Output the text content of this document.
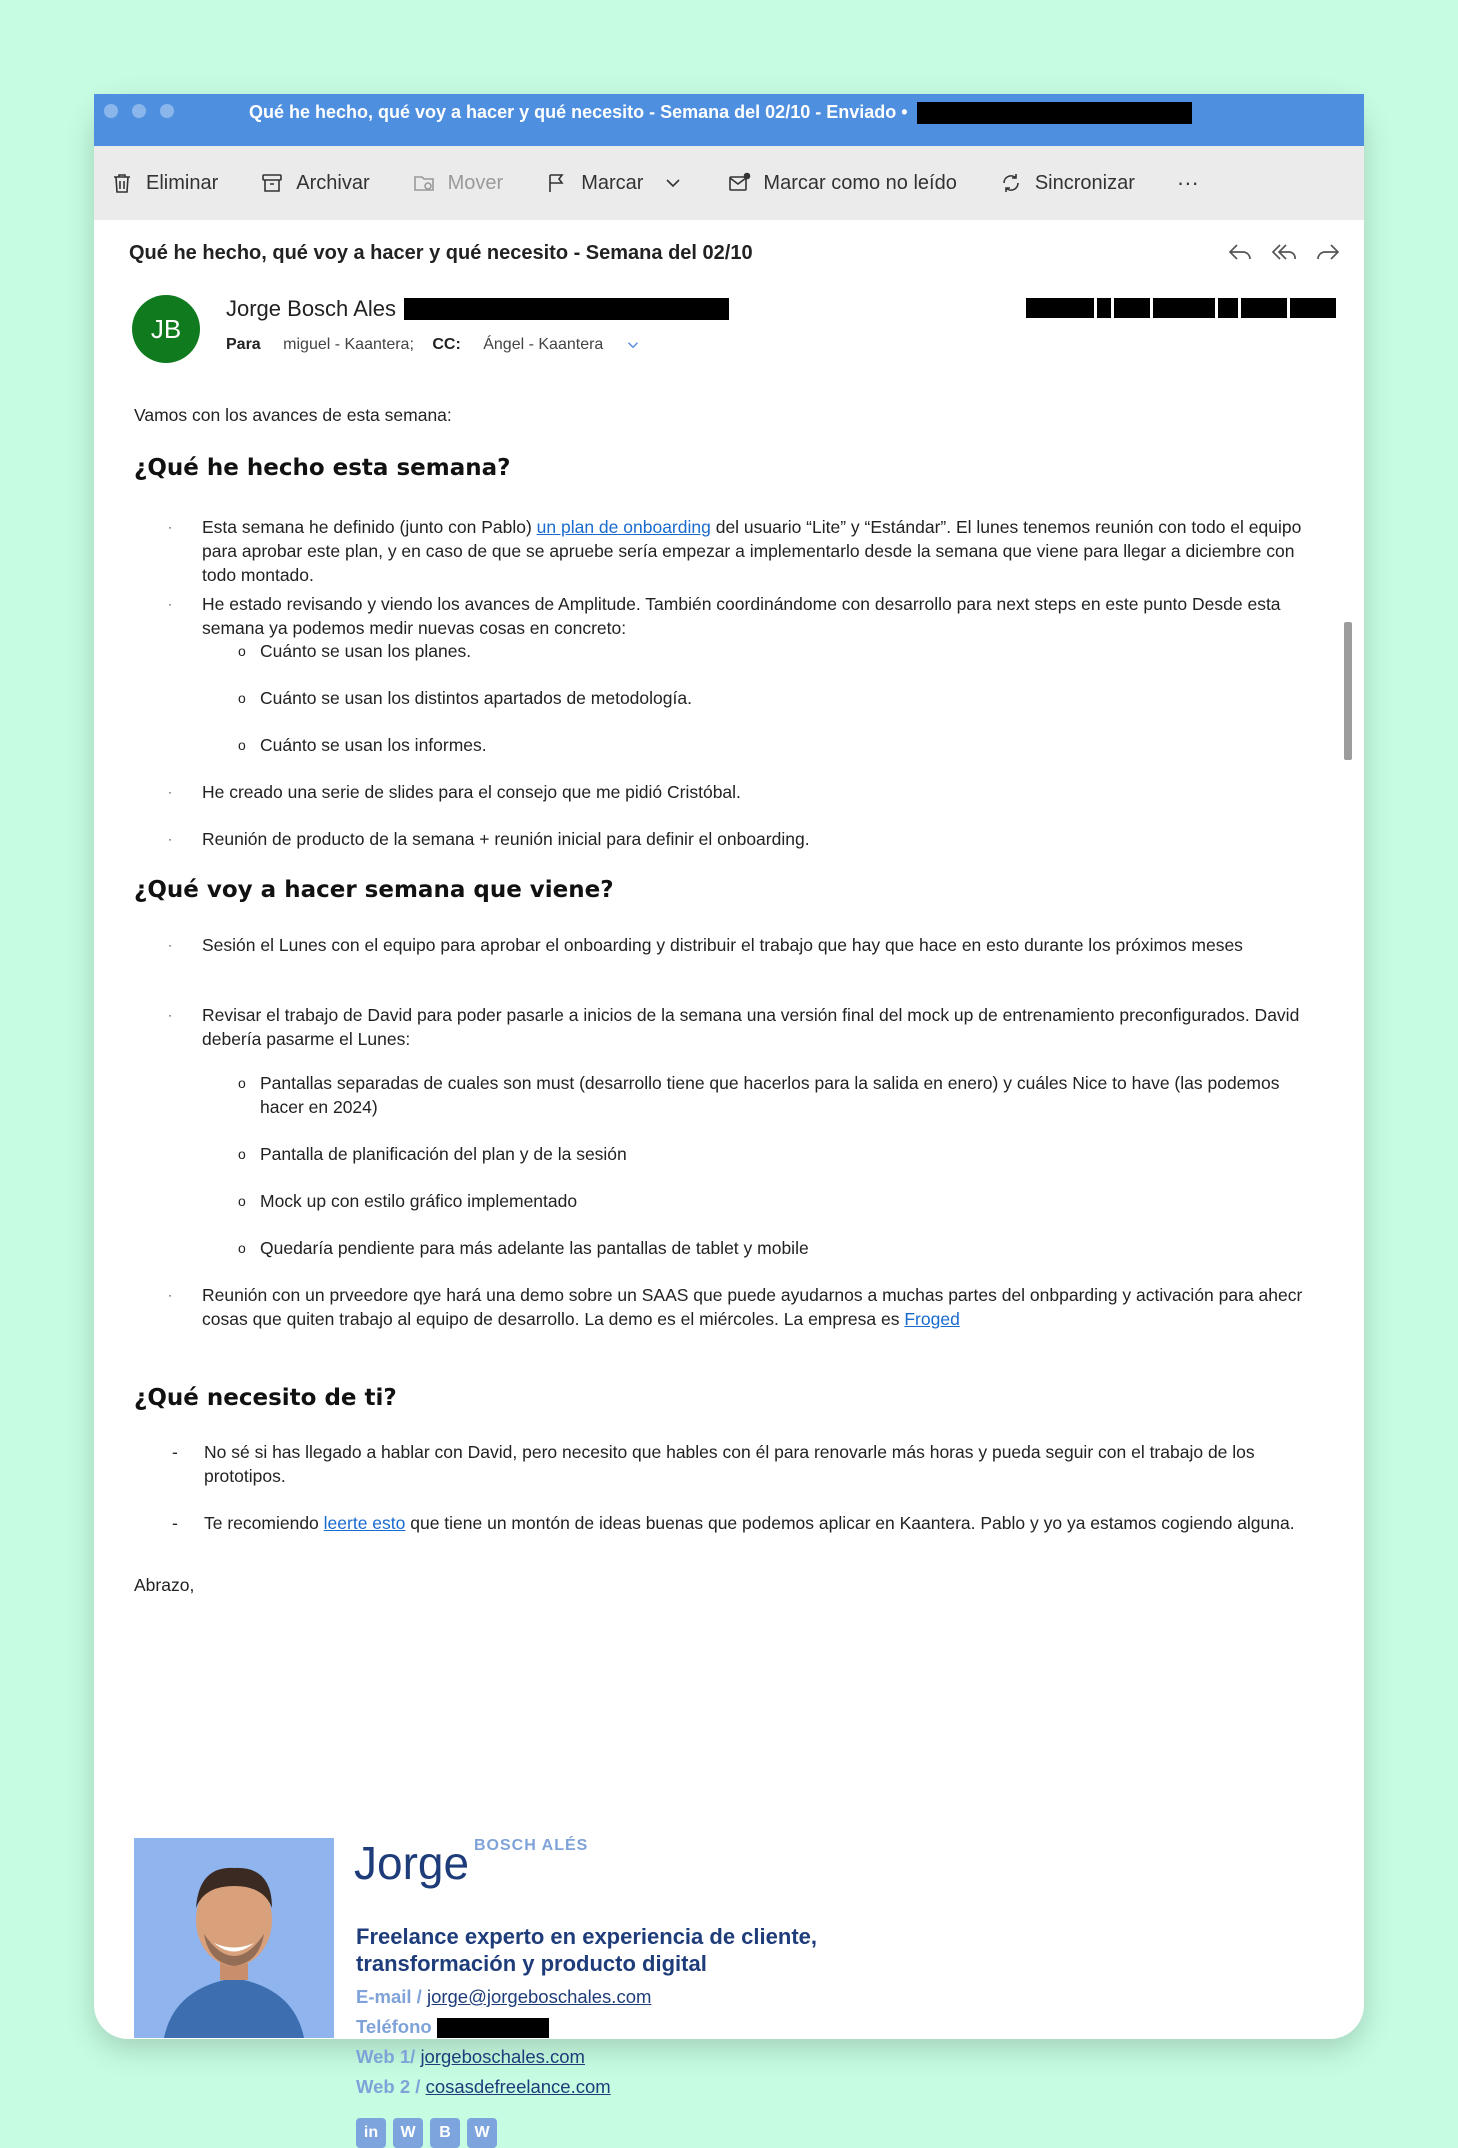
Qué he hecho, qué voy a hacer y qué necesito - Semana del 02/10 - Enviado •
Eliminar	Archivar	Mover	Marcar	Marcar como no leído	Sincronizar ···
Qué he hecho, qué voy a hacer y qué necesito - Semana del 02/10
JB
Jorge Bosch Ales
Para miguel - Kaantera; CC: Ángel - Kaantera
Vamos con los avances de esta semana:
¿Qué he hecho esta semana?
· Esta semana he definido (junto con Pablo) un plan de onboarding del usuario “Lite” y “Estándar”. El lunes tenemos reunión con todo el equipo para aprobar este plan, y en caso de que se apruebe sería empezar a implementarlo desde la semana que viene para llegar a diciembre con todo montado.
· He estado revisando y viendo los avances de Amplitude. También coordinándome con desarrollo para next steps en este punto Desde esta semana ya podemos medir nuevas cosas en concreto:
o Cuánto se usan los planes.
o Cuánto se usan los distintos apartados de metodología.
o Cuánto se usan los informes.
· He creado una serie de slides para el consejo que me pidió Cristóbal.
· Reunión de producto de la semana + reunión inicial para definir el onboarding.
¿Qué voy a hacer semana que viene?
· Sesión el Lunes con el equipo para aprobar el onboarding y distribuir el trabajo que hay que hace en esto durante los próximos meses
· Revisar el trabajo de David para poder pasarle a inicios de la semana una versión final del mock up de entrenamiento preconfigurados. David debería pasarme el Lunes:
o Pantallas separadas de cuales son must (desarrollo tiene que hacerlos para la salida en enero) y cuáles Nice to have (las podemos hacer en 2024)
o Pantalla de planificación del plan y de la sesión
o Mock up con estilo gráfico implementado
o Quedaría pendiente para más adelante las pantallas de tablet y mobile
· Reunión con un prveedore qye hará una demo sobre un SAAS que puede ayudarnos a muchas partes del onbparding y activación para ahecr cosas que quiten trabajo al equipo de desarrollo. La demo es el miércoles. La empresa es Froged
¿Qué necesito de ti?
- No sé si has llegado a hablar con David, pero necesito que hables con él para renovarle más horas y pueda seguir con el trabajo de los prototipos.
- Te recomiendo leerte esto que tiene un montón de ideas buenas que podemos aplicar en Kaantera. Pablo y yo ya estamos cogiendo alguna.
Abrazo,
Jorge BOSCH ALÉS
Freelance experto en experiencia de cliente,
transformación y producto digital
E-mail / jorge@jorgeboschales.com
Teléfono
Web 1/ jorgeboschales.com
Web 2 / cosasdefreelance.com
in	W	B	W
